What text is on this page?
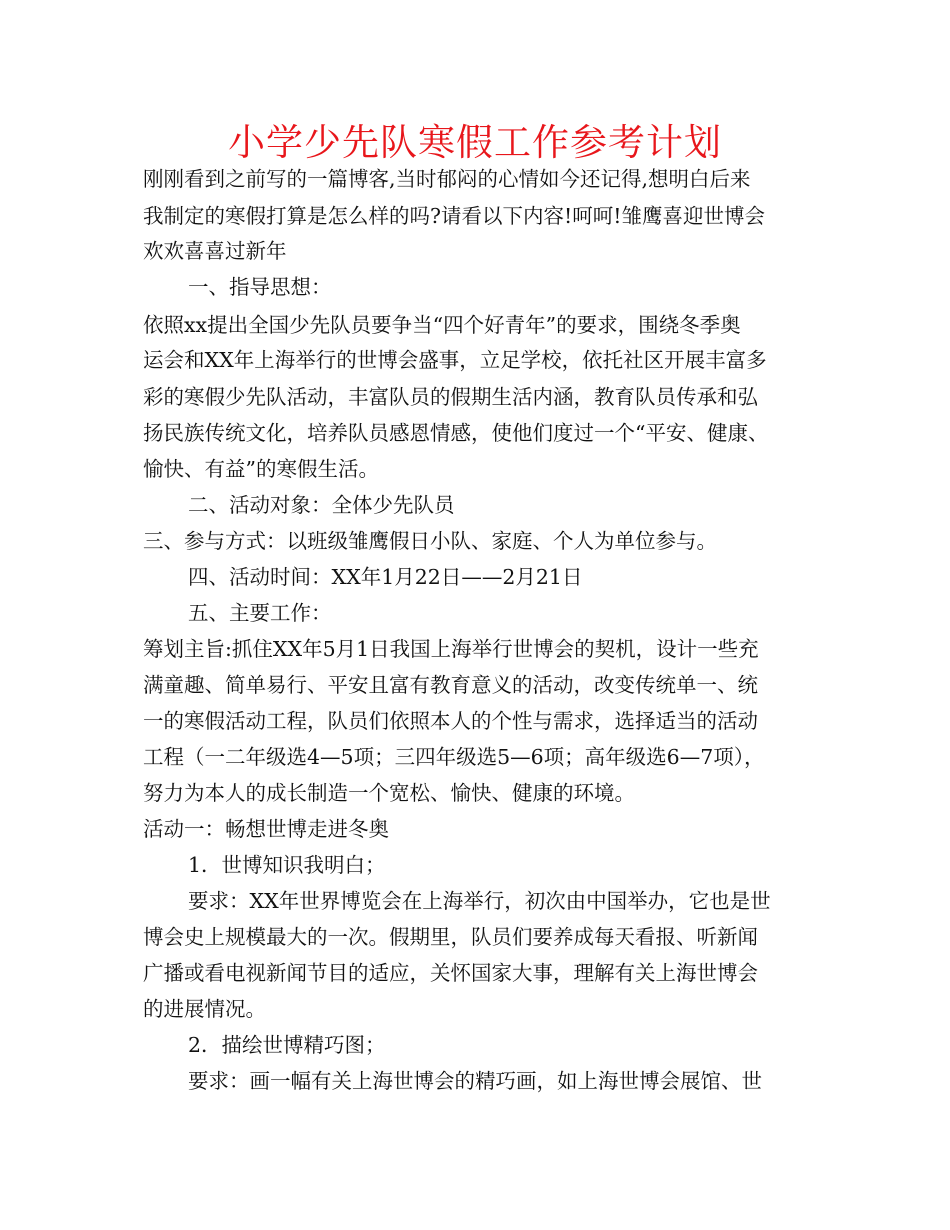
小学少先队寒假工作参考计划
刚刚看到之前写的一篇博客,当时郁闷的心情如今还记得,想明白后来
我制定的寒假打算是怎么样的吗?请看以下内容!呵呵!雏鹰喜迎世博会
欢欢喜喜过新年
一、指导思想：
依照xx提出全国少先队员要争当“四个好青年”的要求，围绕冬季奥
运会和XX年上海举行的世博会盛事，立足学校，依托社区开展丰富多
彩的寒假少先队活动，丰富队员的假期生活内涵，教育队员传承和弘
扬民族传统文化，培养队员感恩情感，使他们度过一个“平安、健康、
愉快、有益”的寒假生活。
二、活动对象：全体少先队员
三、参与方式：以班级雏鹰假日小队、家庭、个人为单位参与。
四、活动时间：XX年1月22日——2月21日
五、主要工作：
筹划主旨:抓住XX年5月1日我国上海举行世博会的契机，设计一些充
满童趣、简单易行、平安且富有教育意义的活动，改变传统单一、统
一的寒假活动工程，队员们依照本人的个性与需求，选择适当的活动
工程（一二年级选4—5项；三四年级选5—6项；高年级选6—7项），
努力为本人的成长制造一个宽松、愉快、健康的环境。
活动一：畅想世博走进冬奥
1．世博知识我明白；
要求：XX年世界博览会在上海举行，初次由中国举办，它也是世
博会史上规模最大的一次。假期里，队员们要养成每天看报、听新闻
广播或看电视新闻节目的适应，关怀国家大事，理解有关上海世博会
的进展情况。
2．描绘世博精巧图；
要求：画一幅有关上海世博会的精巧画，如上海世博会展馆、世
